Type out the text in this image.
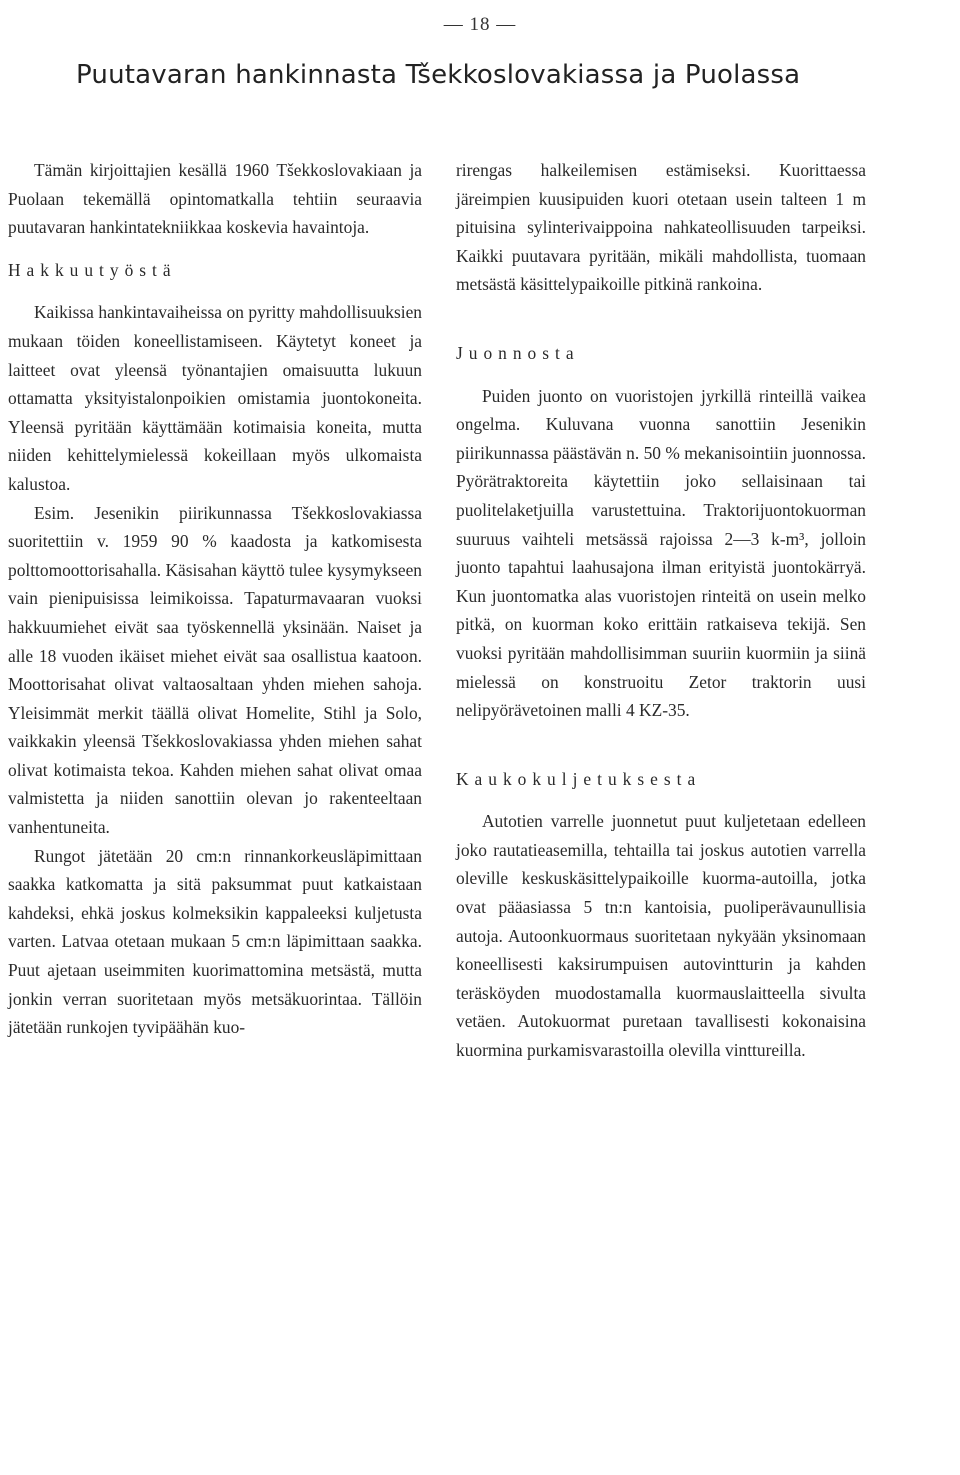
— 18 —
Puutavaran hankinnasta Tšekkoslovakiassa ja Puolassa

Tämän kirjoittajien kesällä 1960 Tšekkoslovakiaan ja Puolaan tekemällä opintomatkalla tehtiin seuraavia puutavaran hankintatekniikkaa koskevia havaintoja.

Hakkuutyöstä

Kaikissa hankintavaiheissa on pyritty mahdollisuuksien mukaan töiden koneellistamiseen. Käytetyt koneet ja laitteet ovat yleensä työnantajien omaisuutta lukuun ottamatta yksityistalonpoikien omistamia juontokoneita. Yleensä pyritään käyttämään kotimaisia koneita, mutta niiden kehittelymielessä kokeillaan myös ulkomaista kalustoa.

Esim. Jesenikin piirikunnassa Tšekkoslovakiassa suoritettiin v. 1959 90 % kaadosta ja katkomisesta polttomoottorisahalla. Käsisahan käyttö tulee kysymykseen vain pienipuisissa leimikoissa. Tapaturmavaaran vuoksi hakkuumiehet eivät saa työskennellä yksinään. Naiset ja alle 18 vuoden ikäiset miehet eivät saa osallistua kaatoon. Moottorisahat olivat valtaosaltaan yhden miehen sahoja. Yleisimmät merkit täällä olivat Homelite, Stihl ja Solo, vaikkakin yleensä Tšekkoslovakiassa yhden miehen sahat olivat kotimaista tekoa. Kahden miehen sahat olivat omaa valmistetta ja niiden sanottiin olevan jo rakenteeltaan vanhentuneita.

Rungot jätetään 20 cm:n rinnankorkeusläpimittaan saakka katkomatta ja sitä paksummat puut katkaistaan kahdeksi, ehkä joskus kolmeksikin kappaleeksi kuljetusta varten. Latvaa otetaan mukaan 5 cm:n läpimittaan saakka. Puut ajetaan useimmiten kuorimattomina metsästä, mutta jonkin verran suoritetaan myös metsäkuorintaa. Tällöin jätetään runkojen tyvipäähän kuo-

rirengas halkeilemisen estämiseksi. Kuorittaessa järeimpien kuusipuiden kuori otetaan usein talteen 1 m pituisina sylinterivaippoina nahkateollisuuden tarpeiksi. Kaikki puutavara pyritään, mikäli mahdollista, tuomaan metsästä käsittelypaikoille pitkinä rankoina.

Juonnosta

Puiden juonto on vuoristojen jyrkillä rinteillä vaikea ongelma. Kuluvana vuonna sanottiin Jesenikin piirikunnassa päästävän n. 50 % mekanisointiin juonnossa. Pyörätraktoreita käytettiin joko sellaisinaan tai puolitelaketjuilla varustettuina. Traktorijuontokuorman suuruus vaihteli metsässä rajoissa 2—3 k-m³, jolloin juonto tapahtui laahusajona ilman erityistä juontokärryä. Kun juontomatka alas vuoristojen rinteitä on usein melko pitkä, on kuorman koko erittäin ratkaiseva tekijä. Sen vuoksi pyritään mahdollisimman suuriin kuormiin ja siinä mielessä on konstruoitu Zetor traktorin uusi nelipyörävetoinen malli 4 KZ-35.

Kaukokuljetuksesta

Autotien varrelle juonnetut puut kuljetetaan edelleen joko rautatieasemilla, tehtailla tai joskus autotien varrella oleville keskuskäsittelypaikoille kuorma-autoilla, jotka ovat pääasiassa 5 tn:n kantoisia, puoliperävaunullisia autoja. Autoonkuormaus suoritetaan nykyään yksinomaan koneellisesti kaksirumpuisen autovintturin ja kahden teräsköyden muodostamalla kuormauslaitteella sivulta vetäen. Autokuormat puretaan tavallisesti kokonaisina kuormina purkamisvarastoilla olevilla vinttureilla.
